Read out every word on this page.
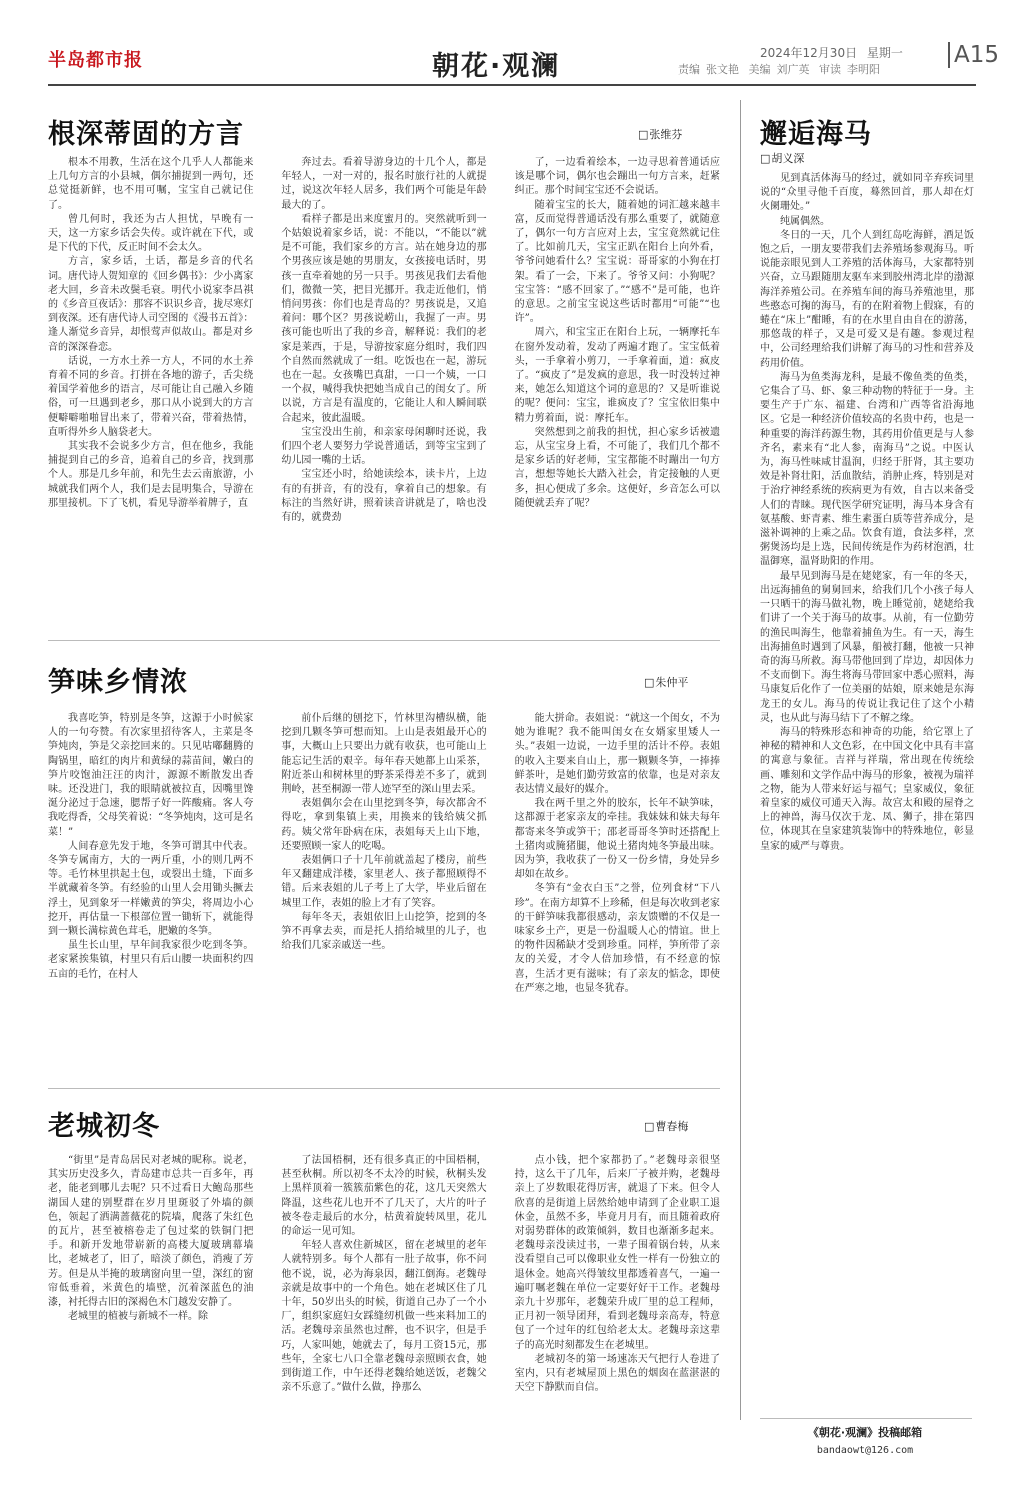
半岛都市报	朝花·观澜	2024年12月30日 星期一
责编 张文艳 美编 刘广英 审读 李明阳
A15
根深蒂固的方言	□ 张维芬

根本不用教，生活在这个几乎人人都能来上几句方言的小县城，偶尔捕捉到一两句，还总觉挺新鲜，也不用可嘱，宝宝自己就记住了。

曾几何时，我还为古人担忧，早晚有一天，这一方家乡话会失传。或许就在下代，或是下代的下代，反正时间不会太久。

方言，家乡话，土话，都是乡音的代名词。唐代诗人贺知章的《回乡偶书》：少小离家老大回，乡音未改鬓毛衰。明代小说家李昌祺的《乡音亘夜话》：那容不识识乡音，拢尽寒灯到夜深。还有唐代诗人司空图的《漫书五首》：逢人渐觉乡音异，却恨莺声似故山。都是对乡音的深深眷恋。

话说，一方水土养一方人，不同的水土养育着不同的乡音。打拼在各地的游子，舌尖绕着国学着他乡的语言，尽可能让自己融入乡随俗，可一旦遇到老乡，那口从小说到大的方言便噼噼啪啪冒出来了，带着兴奋，带着热情，直听得外乡人脑袋老大。

其实我不会说多少方言，但在他乡，我能捕捉到自己的乡音，追着自己的乡音，找到那个人。那是几乡年前，和先生去云南旅游，小城就我们两个人，我们是去昆明集合，导游在那里接机。下了飞机，看见导游举着牌子，直

奔过去。看着导游身边的十几个人，都是年轻人，一对一对的，报名时旅行社的人就提过，说这次年轻人居多，我们两个可能是年龄最大的了。

看样子都是出来度蜜月的。突然就听到一个姑娘说着家乡话，说：不能以，“不能以”就是不可能，我们家乡的方言。站在她身边的那个男孩应该是她的男朋友，女孩接电话时，男孩一直牵着她的另一只手。男孩见我们去看他们，微微一笑，把目光挪开。我走近他们，悄悄问男孩：你们也是青岛的？男孩说是，又追着问：哪个区？男孩说崂山，我握了一声。男孩可能也听出了我的乡音，解释说：我们的老家是莱西，于是，导游按家庭分组时，我们四个自然而然就成了一组。吃饭也在一起，游玩也在一起。女孩嘴巴真甜，一口一个姨，一口一个叔，喊得我快把她当成自己的闺女了。所以说，方言是有温度的，它能让人和人瞬间联合起来，彼此温暖。

宝宝没出生前，和亲家母闲聊时还说，我们四个老人要努力学说普通话，到等宝宝到了幼儿园一嘴的土话。

宝宝还小时，给她读绘本，读卡片，上边有的有拼音，有的没有，拿着自己的想象。有标注的当然好讲，照着读音讲就是了，啥也没有的，就费劲

了，一边看着绘本，一边寻思着普通话应该是哪个词，偶尔也会蹦出一句方言来，赶紧纠正。那个时间宝宝还不会说话。

随着宝宝的长大，随着她的词汇越来越丰富，反而觉得普通话没有那么重要了，就随意了，偶尔一句方言应对上去，宝宝竟然就记住了。比如前几天，宝宝正趴在阳台上向外看，爷爷问她看什么？宝宝说：哥哥家的小狗在打架。看了一会，下来了。爷爷又问：小狗呢？宝宝答：“感不回家了。”“感不”是可能，也许的意思。之前宝宝说这些话时都用“可能”“也许”。

周六，和宝宝正在阳台上玩，一辆摩托车在窗外发动着，发动了两遍才跑了。宝宝低着头，一手拿着小剪刀，一手拿着面，道：疯皮了。“疯皮了”是发疯的意思，我一时没转过神来，她怎么知道这个词的意思的？又是听谁说的呢？便问：宝宝，谁疯皮了？宝宝依旧集中精力剪着面，说：摩托车。

突然想到之前我的担忧，担心家乡话被遗忘，从宝宝身上看，不可能了，我们几个都不是家乡话的好老师，宝宝都能不时蹦出一句方言，想想等她长大踏入社会，肯定接触的人更多，担心便成了多余。这便好，乡音怎么可以随便就丢弃了呢？

笋味乡情浓	□ 朱仲平

我喜吃笋，特别是冬笋，这源于小时候家人的一句夸赞。有次家里招待客人，主菜是冬笋炖肉，笋是父亲挖回来的。只见咕嘟翻腾的陶锅里，暗红的肉片和黄绿的蒜苗间，嫩白的笋片咬饱油汪汪的肉汁，源源不断散发出香味。还没进门，我的眼睛就被拉直，因嘴里馋涎分泌过于急速，腮帮子好一阵酸痛。客人夸我吃得香，父母笑着说：“冬笋炖肉，这可是名菜！”

人间春意先发于地，冬笋可谓其中代表。冬笋专属南方，大的一两斤重，小的则几两不等。毛竹林里拱起土包，或裂出土缝，下面多半就藏着冬笋。有经验的山里人会用锄头撅去浮土，见到象牙一样嫩黄的笋尖，将周边小心挖开，再估量一下根部位置一锄斩下，就能得到一颗长满棕黄色茸毛，肥嫩的冬笋。

虽生长山里，早年间我家很少吃到冬笋。老家紧挨集镇，村里只有后山腰一块面积约四五亩的毛竹，在村人

前仆后继的刨挖下，竹林里沟槽纵横，能挖到几颗冬笋可想而知。上山是表姐最开心的事，大概山上只要出力就有收获，也可能山上能忘记生活的艰辛。每年春天她都上山采茶，附近茶山和树林里的野茶采得差不多了，就到荆岭，甚至桐源一带人迹罕至的深山里去采。

表姐偶尔会在山里挖到冬笋，每次都舍不得吃，拿到集镇上卖，用换来的钱给姨父抓药。姨父常年卧病在床，表姐每天上山下地，还要照顾一家人的吃喝。

表姐俩口子十几年前就盖起了楼房，前些年又翻建成洋楼，家里老人、孩子都照顾得不错。后来表姐的儿子考上了大学，毕业后留在城里工作，表姐的脸上才有了笑容。

每年冬天，表姐依旧上山挖笋，挖到的冬笋不再拿去卖，而是托人捎给城里的儿子，也给我们几家亲戚送一些。

能大拼命。表姐说：“就这一个闺女，不为她为谁呢？我不能叫闺女在女婿家里矮人一头。”表姐一边说，一边手里的活计不停。表姐的收入主要来自山上，那一颗颗冬笋，一捧捧鲜茶叶，是她们勤劳致富的依靠，也是对亲友表达情义最好的媒介。

我在两千里之外的胶东，长年不缺笋味，这都源于老家亲友的牵挂。我妹妹和妹夫每年都寄来冬笋或笋干；邵老哥哥冬笋时还搭配上土猪肉或腌猪腿，他说土猪肉炖冬笋最出味。因为笋，我收获了一份又一份乡情，身处异乡却如在故乡。

冬笋有“金衣白玉”之誉，位列食材“下八珍”。在南方却算不上珍稀，但是每次收到老家的干鲜笋味我都很感动，亲友馈赠的不仅是一味家乡土产，更是一份温暖人心的情谊。世上的物件因稀缺才受到珍重。同样，笋所带了亲友的关爱，才令人倍加珍惜，有不经意的惊喜，生活才更有滋味；有了亲友的惦念，即使在严寒之地，也显冬犹春。

老城初冬	□ 曹春梅

“街里”是青岛居民对老城的昵称。说老，其实历史没多久，青岛建市总共一百多年，再老，能老到哪儿去呢？只不过看日大鲍岛那些湖国人建的别墅群在岁月里斑驳了外墙的颜色，领起了洒满蔷薇花的院墙，爬落了朱红色的瓦片，甚至被榕卷走了包过桨的铁铜门把手。和新开发地带崭新的高楼大厦玻璃幕墙比，老城老了，旧了，暗淡了颜色，消瘦了芳芳。但是从半掩的玻璃窗向里一望，深红的窗帘低垂着，米黄色的墙壁，沉着深蓝色的油漆，衬托得古旧的深褐色木门越发安静了。

老城里的植被与新城不一样。除

了法国梧桐，还有很多真正的中国梧桐，甚至秋桐。所以初冬不太冷的时候，秋桐头发上黑样顶着一簇簇茄紫色的花，这几天突然大降温，这些花儿也开不了几天了，大片的叶子被冬卷走最后的水分，枯黄着旋转凤里，花儿的命运一见可知。

年轻人喜欢住新城区，留在老城里的老年人就特别多。每个人都有一肚子故事，你不问他不说，说，必为海泉因，翻江倒海。老魏母亲就是故事中的一个角色。她在老城区住了几十年，50岁出头的时候，街道自己办了一个小厂，组织家庭妇女踩缝纫机做一些来料加工的活。老魏母亲虽然也过醉，也不识字，但是手巧，人家叫她，她就去了，每月工资15元，那些年，全家七八口全靠老魏母亲照顾衣食，她到街道工作，中午还得老魏给她送饭，老魏父亲不乐意了。”做什么做，挣那么

点小钱，把个家都扔了。”老魏母亲很坚持，这么干了几年，后来厂子被并购，老魏母亲上了岁数眼花得厉害，就退了下来。但令人欣喜的是街道上居然给她申请到了企业职工退休金，虽然不多，毕竟月月有，而且随着政府对弱势群体的政策倾斜，数目也渐渐多起来。老魏母亲没读过书，一辈子围着锅台转，从来没看望自己可以像职业女性一样有一份独立的退休金。她高兴得皱纹里都透着喜气，一遍一遍叮嘱老魏在单位一定要好好干工作。老魏母亲九十岁那年，老魏荣升成厂里的总工程师，正月初一领导团拜，看到老魏母亲高寿，特意包了一个过年的红包给老太太。老魏母亲这辈子的高光时刻都发生在老城里。

老城初冬的第一场速冻天气把行人卷进了室内，只有老城屋顶上黑色的烟囱在蓝湛湛的天空下静默而自信。

邂逅海马
□ 胡义深

见到真活体海马的经过，就如同辛弃疾词里说的“众里寻他千百度，蓦然回首，那人却在灯火阑珊处。”

纯属偶然。

冬日的一天，几个人到红岛吃海鲜，酒足饭饱之后，一朋友要带我们去养殖场参观海马。听说能亲眼见到人工养殖的活体海马，大家都特别兴奋，立马跟随朋友驱车来到胶州湾北岸的渤源海洋养殖公司。在养殖车间的海马养殖池里，那些憨态可掬的海马，有的在附着物上假寐，有的蜷在“床上”酣睡，有的在水里自由自在的游荡，那悠哉的样子，又是可爱又是有趣。参观过程中，公司经理给我们讲解了海马的习性和营养及药用价值。

海马为鱼类海龙科，是最不像鱼类的鱼类，它集合了马、虾、象三种动物的特征于一身。主要生产于广东、福建、台湾和广西等省沿海地区。它是一种经济价值较高的名贵中药，也是一种重要的海洋药源生物，其药用价值更是与人参齐名，素来有“北人参，南海马”之说。中医认为，海马性味咸甘温润，归经于肝肾，其主要功效是补肾壮阳，活血散结，消肿止疼，特别是对于治疗神经系统的疾病更为有效，自古以来备受人们的青睐。现代医学研究证明，海马本身含有氨基酸、虾青素、维生素蛋白质等营养成分，是滋补调神的上乘之品。饮食有道，食法多样，烹粥煲汤均是上选，民间传统是作为药材泡酒，壮温御寒，温肾助阳的作用。

最早见到海马是在姥姥家，有一年的冬天，出远海捕鱼的舅舅回来，给我们几个小孩子每人一只晒干的海马做礼物，晚上睡觉前，姥姥给我们讲了一个关于海马的故事。从前，有一位勤劳的渔民叫海生，他靠着捕鱼为生。有一天，海生出海捕鱼时遇到了风暴，船被打翻，他被一只神奇的海马所救。海马带他回到了岸边，却因体力不支而倒下。海生将海马带回家中悉心照料，海马康复后化作了一位美丽的姑娘，原来她是东海龙王的女儿。海马的传说让我记住了这个小精灵，也从此与海马结下了不解之缘。

海马的特殊形态和神奇的功能，给它罩上了神秘的精神和人文色彩，在中国文化中具有丰富的寓意与象征。吉祥与祥瑞，常出现在传统绘画、雕刻和文学作品中海马的形象，被视为瑞祥之物，能为人带来好运与福气；皇家威仪，象征着皇家的威仪可通天入海。故宫太和殿的屋脊之上的神兽，海马仅次于龙、凤、狮子，排在第四位，体现其在皇家建筑装饰中的特殊地位，彰显皇家的威严与尊贵。

《朝花·观澜》投稿邮箱
bandaowt@126.com
